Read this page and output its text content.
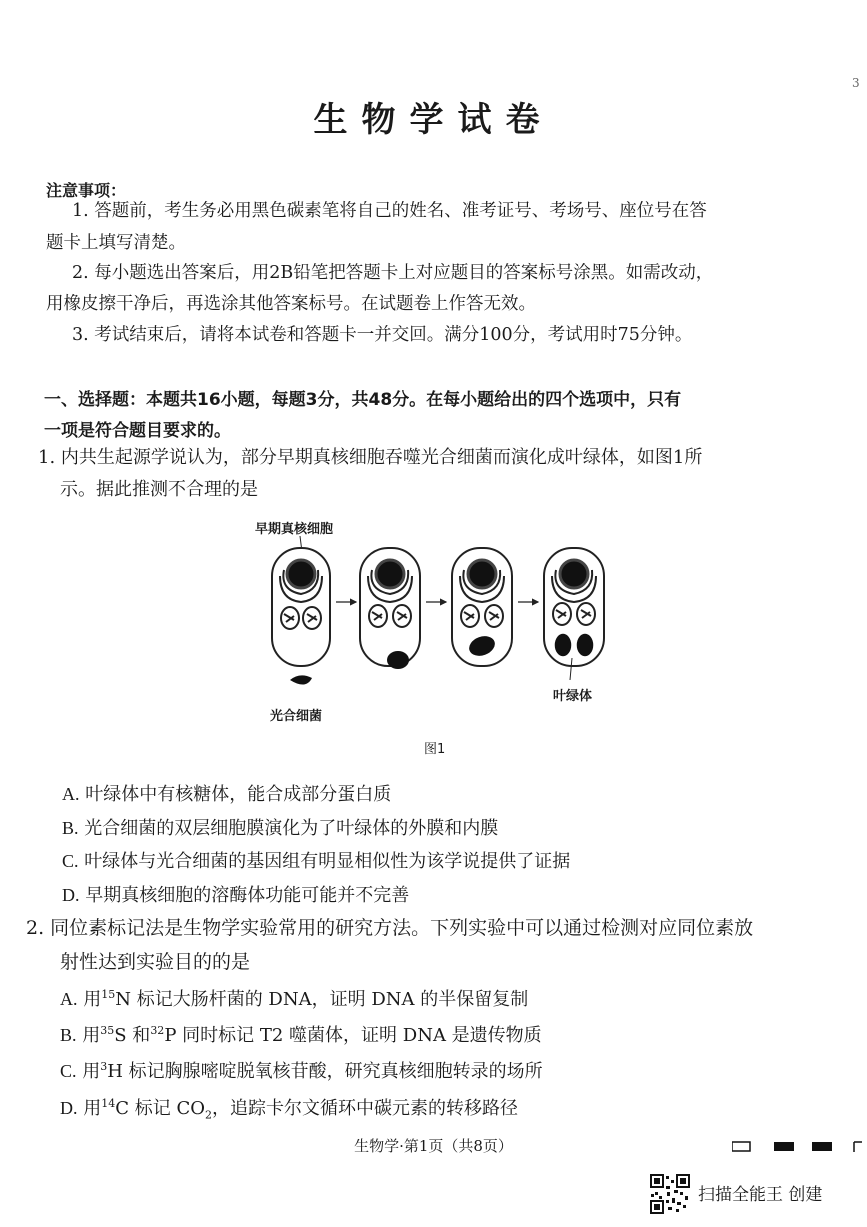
3
生物学试卷
注意事项：
1. 答题前，考生务必用黑色碳素笔将自己的姓名、准考证号、考场号、座位号在答
题卡上填写清楚。
2. 每小题选出答案后，用2B铅笔把答题卡上对应题目的答案标号涂黑。如需改动，
用橡皮擦干净后，再选涂其他答案标号。在试题卷上作答无效。
3. 考试结束后，请将本试卷和答题卡一并交回。满分100分，考试用时75分钟。
一、选择题：本题共16小题，每题3分，共48分。在每小题给出的四个选项中，只有
一项是符合题目要求的。
1. 内共生起源学说认为，部分早期真核细胞吞噬光合细菌而演化成叶绿体，如图1所
示。据此推测不合理的是
早期真核细胞
光合细菌
叶绿体
图1
A. 叶绿体中有核糖体，能合成部分蛋白质
B. 光合细菌的双层细胞膜演化为了叶绿体的外膜和内膜
C. 叶绿体与光合细菌的基因组有明显相似性为该学说提供了证据
D. 早期真核细胞的溶酶体功能可能并不完善
2. 同位素标记法是生物学实验常用的研究方法。下列实验中可以通过检测对应同位素放
射性达到实验目的的是
A. 用$^{15}$N 标记大肠杆菌的 DNA，证明 DNA 的半保留复制
B. 用$^{35}$S 和$^{32}$P 同时标记 T2 噬菌体，证明 DNA 是遗传物质
C. 用$^3$H 标记胸腺嘧啶脱氧核苷酸，研究真核细胞转录的场所
D. 用$^{14}$C 标记 $CO_2$，追踪卡尔文循环中碳元素的转移路径
生物学·第1页（共8页）
扫描全能王 创建
